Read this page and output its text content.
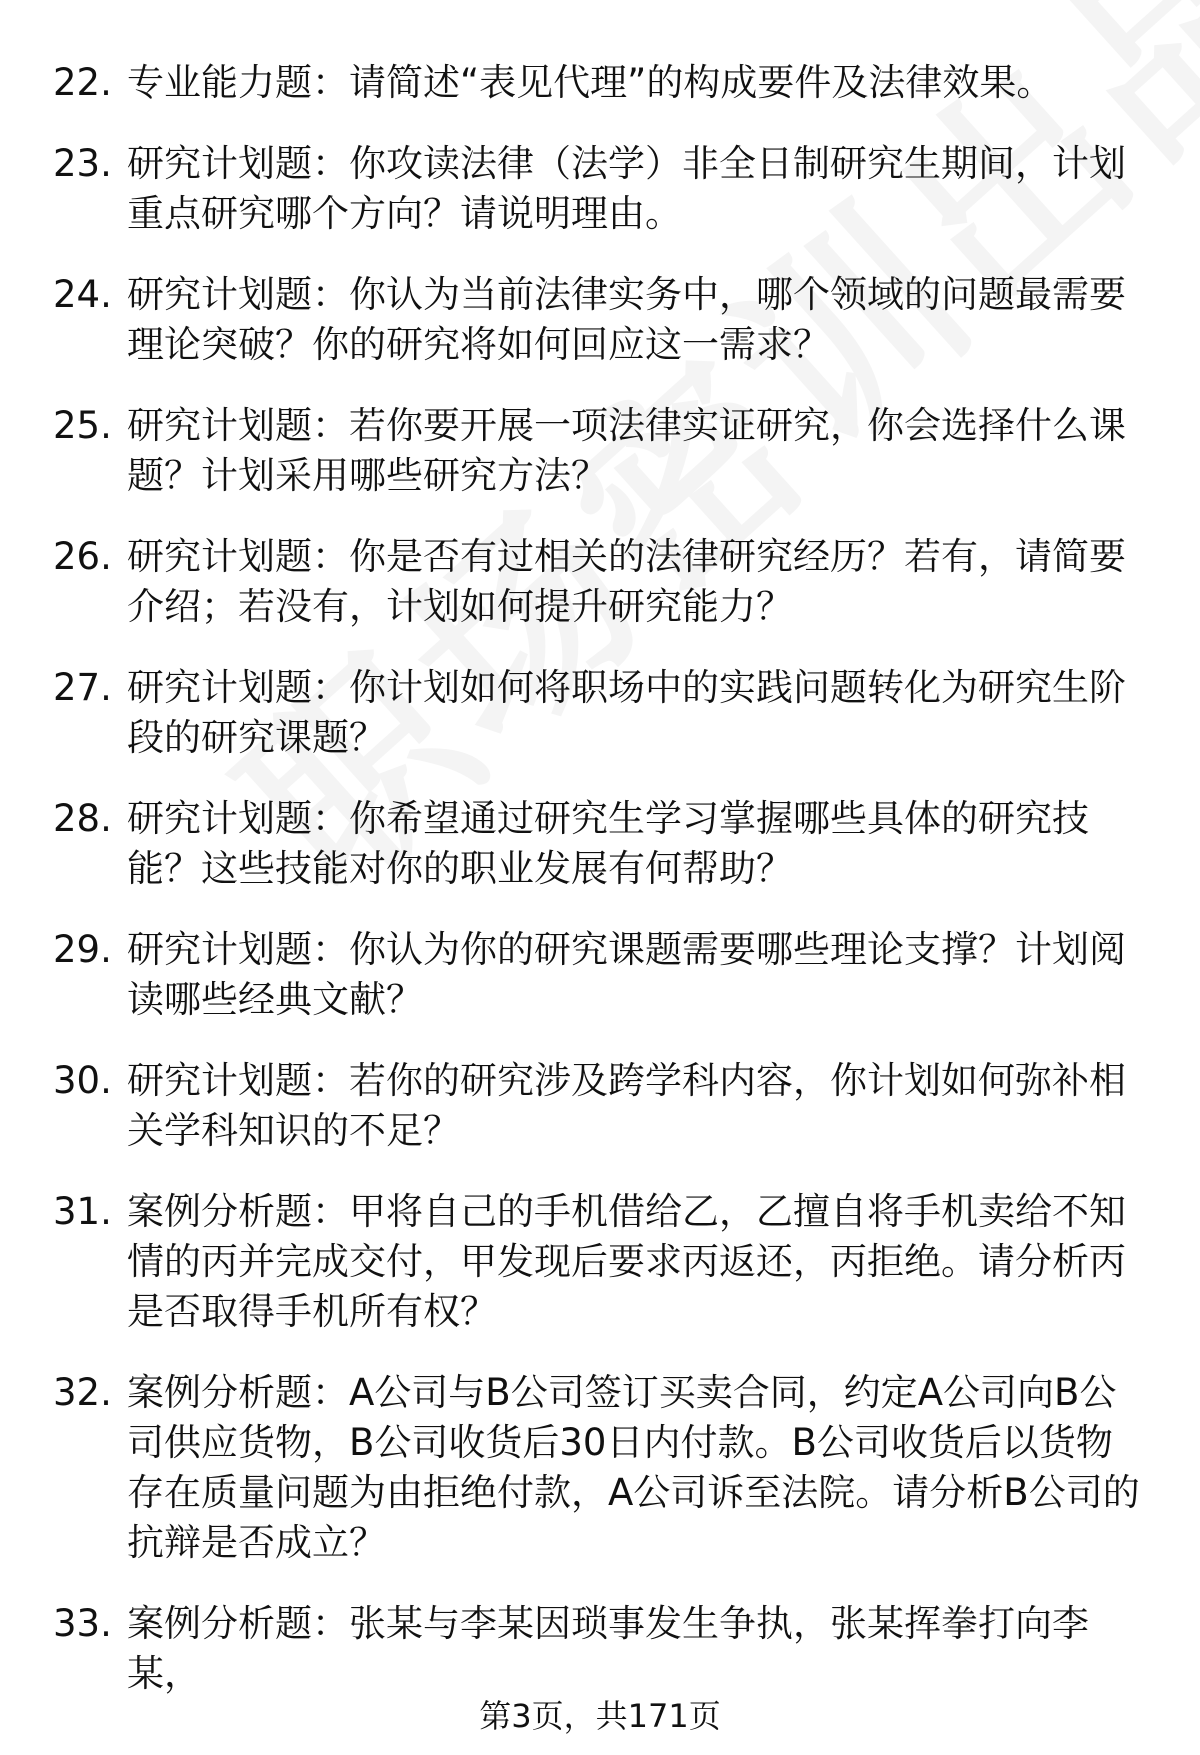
22. 专业能力题：请简述“表见代理”的构成要件及法律效果。
23. 研究计划题：你攻读法律（法学）非全日制研究生期间，计划重点研究哪个方向？请说明理由。
24. 研究计划题：你认为当前法律实务中，哪个领域的问题最需要理论突破？你的研究将如何回应这一需求？
25. 研究计划题：若你要开展一项法律实证研究，你会选择什么课题？计划采用哪些研究方法？
26. 研究计划题：你是否有过相关的法律研究经历？若有，请简要介绍；若没有，计划如何提升研究能力？
27. 研究计划题：你计划如何将职场中的实践问题转化为研究生阶段的研究课题？
28. 研究计划题：你希望通过研究生学习掌握哪些具体的研究技能？这些技能对你的职业发展有何帮助？
29. 研究计划题：你认为你的研究课题需要哪些理论支撑？计划阅读哪些经典文献？
30. 研究计划题：若你的研究涉及跨学科内容，你计划如何弥补相关学科知识的不足？
31. 案例分析题：甲将自己的手机借给乙，乙擅自将手机卖给不知情的丙并完成交付，甲发现后要求丙返还，丙拒绝。请分析丙是否取得手机所有权？
32. 案例分析题：A公司与B公司签订买卖合同，约定A公司向B公司供应货物，B公司收货后30日内付款。B公司收货后以货物存在质量问题为由拒绝付款，A公司诉至法院。请分析B公司的抗辩是否成立？
33. 案例分析题：张某与李某因琐事发生争执，张某挥拳打向李某，
第3页，共171页
